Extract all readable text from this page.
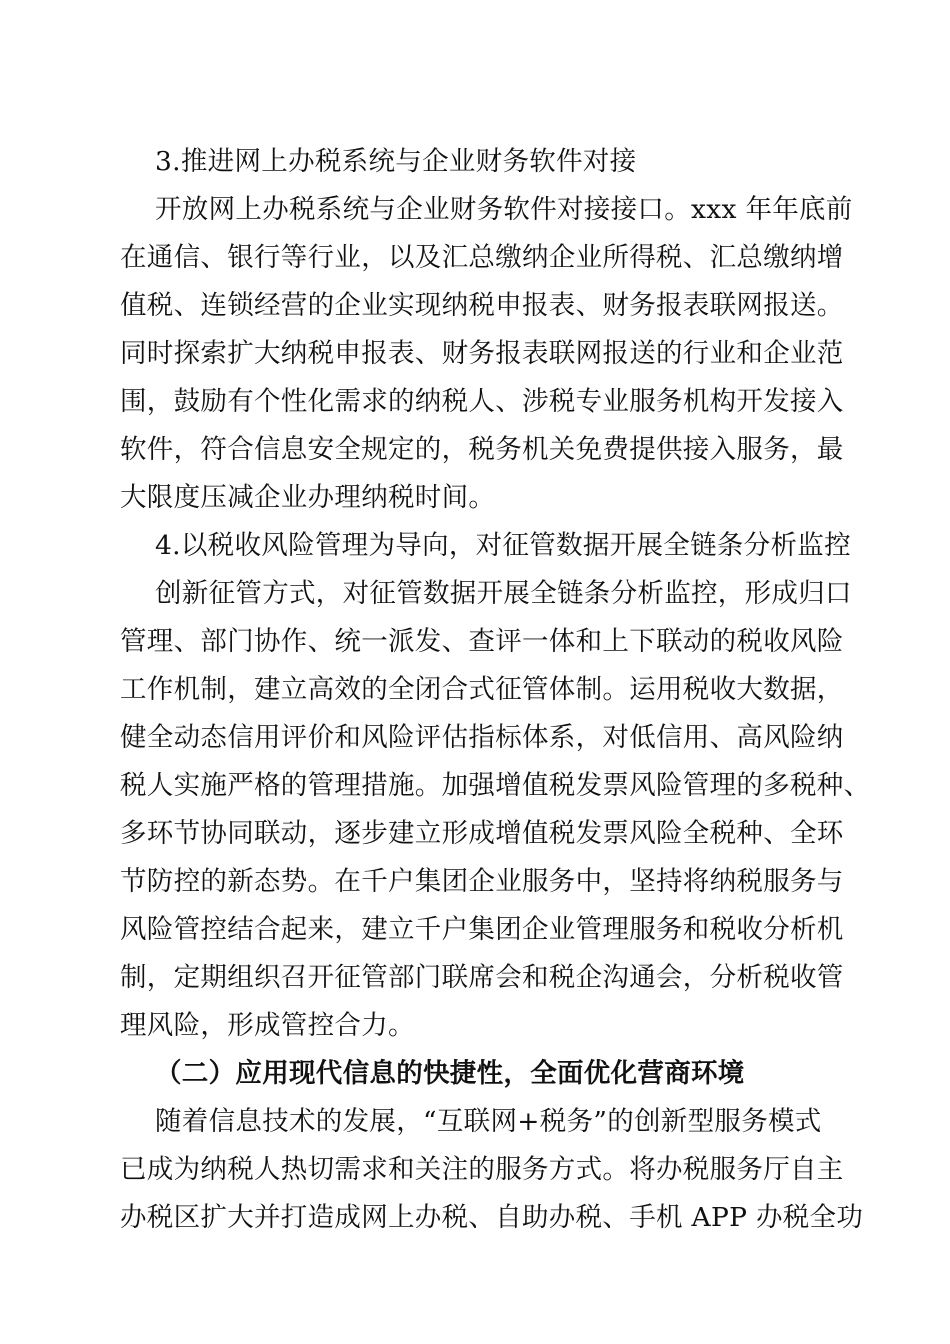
3.推进网上办税系统与企业财务软件对接
开放网上办税系统与企业财务软件对接接口。xxx 年年底前
在通信、银行等行业，以及汇总缴纳企业所得税、汇总缴纳增
值税、连锁经营的企业实现纳税申报表、财务报表联网报送。
同时探索扩大纳税申报表、财务报表联网报送的行业和企业范
围，鼓励有个性化需求的纳税人、涉税专业服务机构开发接入
软件，符合信息安全规定的，税务机关免费提供接入服务，最
大限度压减企业办理纳税时间。
4.以税收风险管理为导向，对征管数据开展全链条分析监控
创新征管方式，对征管数据开展全链条分析监控，形成归口
管理、部门协作、统一派发、查评一体和上下联动的税收风险
工作机制，建立高效的全闭合式征管体制。运用税收大数据，
健全动态信用评价和风险评估指标体系，对低信用、高风险纳
税人实施严格的管理措施。加强增值税发票风险管理的多税种、
多环节协同联动，逐步建立形成增值税发票风险全税种、全环
节防控的新态势。在千户集团企业服务中，坚持将纳税服务与
风险管控结合起来，建立千户集团企业管理服务和税收分析机
制，定期组织召开征管部门联席会和税企沟通会，分析税收管
理风险，形成管控合力。
（二）应用现代信息的快捷性，全面优化营商环境
随着信息技术的发展，“互联网+税务”的创新型服务模式
已成为纳税人热切需求和关注的服务方式。将办税服务厅自主
办税区扩大并打造成网上办税、自助办税、手机 APP 办税全功
